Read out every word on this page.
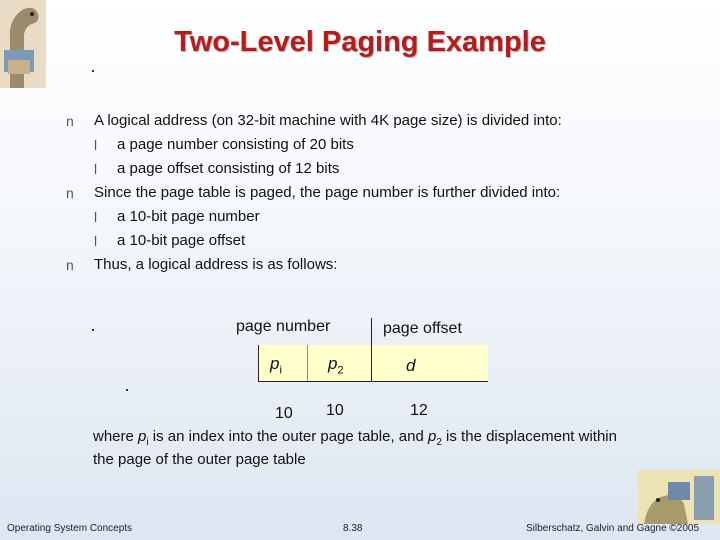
Two-Level Paging Example
n A logical address (on 32-bit machine with 4K page size) is divided into:
l a page number consisting of 20 bits
l a page offset consisting of 12 bits
n Since the page table is paged, the page number is further divided into:
l a 10-bit page number
l a 10-bit page offset
n Thus, a logical address is as follows:
page number	page offset
$p_i$	$p_2$	d
10 10	12
where $p_i$ is an index into the outer page table, and $p_2$ is the displacement within the page of the outer page table
Operating System Concepts	8.38	Silberschatz, Galvin and Gagne ©2005
